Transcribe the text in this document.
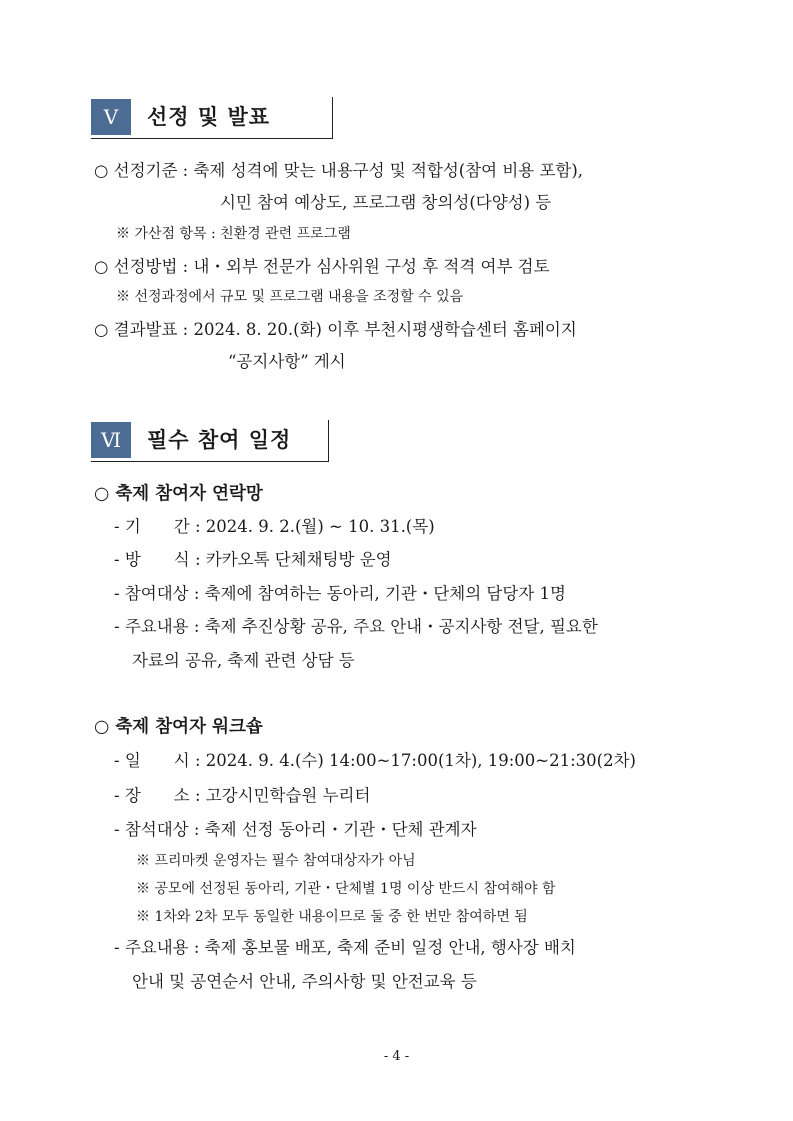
Ⅴ	선정 및 발표
○ 선정기준 : 축제 성격에 맞는 내용구성 및 적합성(참여 비용 포함),
시민 참여 예상도, 프로그램 창의성(다양성) 등
※ 가산점 항목 : 친환경 관련 프로그램
○ 선정방법 : 내・외부 전문가 심사위원 구성 후 적격 여부 검토
※ 선정과정에서 규모 및 프로그램 내용을 조정할 수 있음
○ 결과발표 : 2024. 8. 20.(화) 이후 부천시평생학습센터 홈페이지
“공지사항” 게시
Ⅵ	필수 참여 일정
○ 축제 참여자 연락망
- 기　　간 : 2024. 9. 2.(월) ~ 10. 31.(목)
- 방　　식 : 카카오톡 단체채팅방 운영
- 참여대상 : 축제에 참여하는 동아리, 기관・단체의 담당자 1명
- 주요내용 : 축제 추진상황 공유, 주요 안내・공지사항 전달, 필요한
자료의 공유, 축제 관련 상담 등
○ 축제 참여자 워크숍
- 일　　시 : 2024. 9. 4.(수) 14:00~17:00(1차), 19:00~21:30(2차)
- 장　　소 : 고강시민학습원 누리터
- 참석대상 : 축제 선정 동아리・기관・단체 관계자
※ 프리마켓 운영자는 필수 참여대상자가 아님
※ 공모에 선정된 동아리, 기관・단체별 1명 이상 반드시 참여해야 함
※ 1차와 2차 모두 동일한 내용이므로 둘 중 한 번만 참여하면 됨
- 주요내용 : 축제 홍보물 배포, 축제 준비 일정 안내, 행사장 배치
안내 및 공연순서 안내, 주의사항 및 안전교육 등
- 4 -
